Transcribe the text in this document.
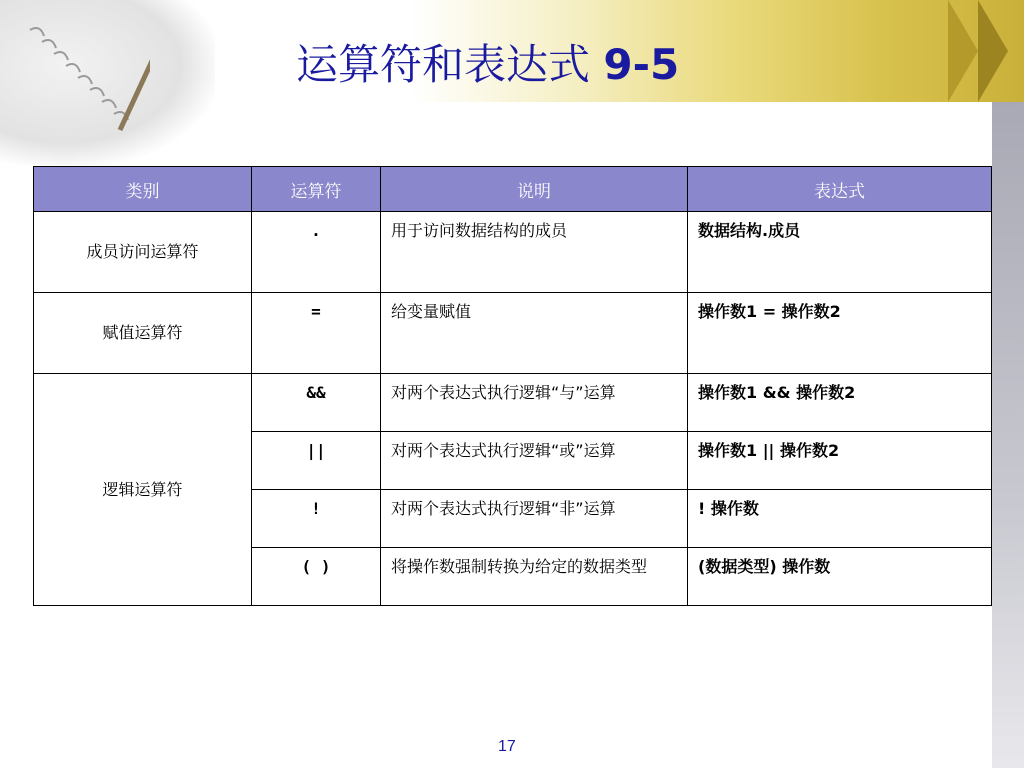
运算符和表达式 9-5
类别	运算符	说明	表达式
成员访问运算符	.	用于访问数据结构的成员	数据结构.成员
赋值运算符	=	给变量赋值	操作数1 = 操作数2
逻辑运算符	&&	对两个表达式执行逻辑“与”运算	操作数1 && 操作数2
	||	对两个表达式执行逻辑“或”运算	操作数1 || 操作数2
	!	对两个表达式执行逻辑“非”运算	! 操作数
	( )	将操作数强制转换为给定的数据类型	(数据类型) 操作数
17
